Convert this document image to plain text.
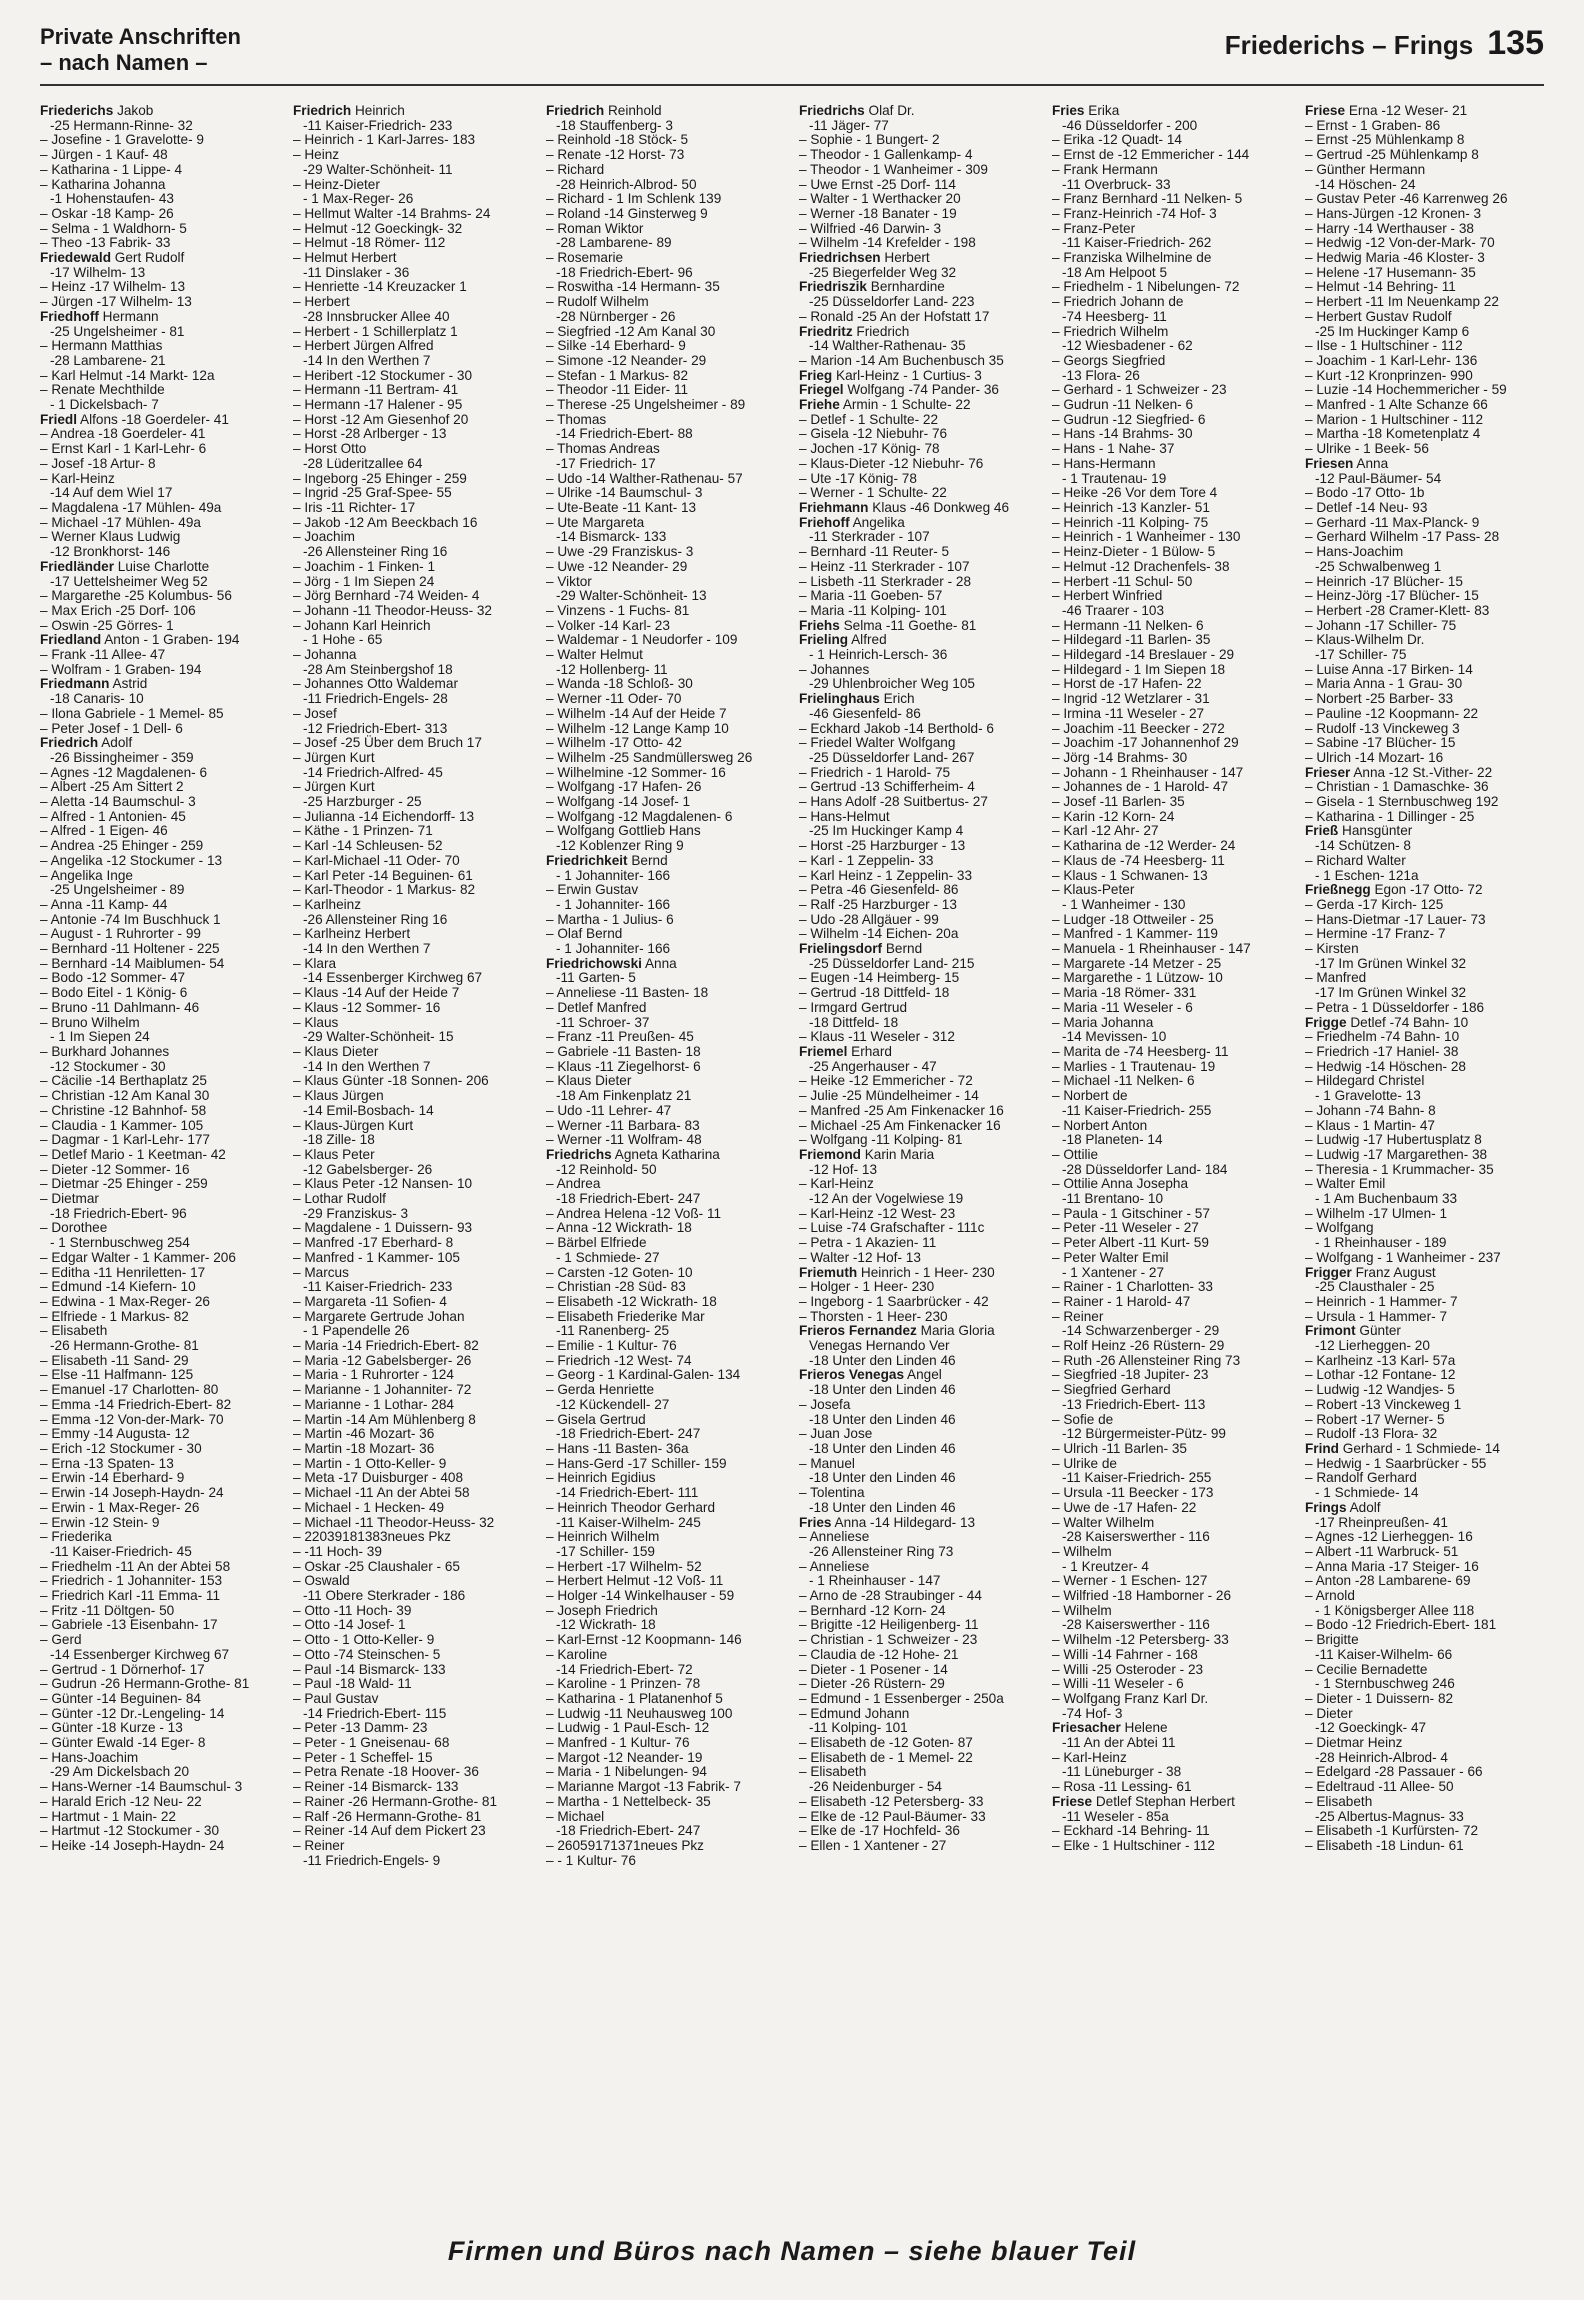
Private Anschriften
– nach Namen –
Friederichs – Frings 135
Friederichs Jakob
-25 Hermann-Rinne- 32
– Josefine - 1 Gravelotte- 9
– Jürgen - 1 Kauf- 48
– Katharina - 1 Lippe- 4
– Katharina Johanna
-1 Hohenstaufen- 43
– Oskar -18 Kamp- 26
– Selma - 1 Waldhorn- 5
– Theo -13 Fabrik- 33
Friedewald Gert Rudolf
-17 Wilhelm- 13
– Heinz -17 Wilhelm- 13
– Jürgen -17 Wilhelm- 13
Friedhoff Hermann
-25 Ungelsheimer - 81
– Hermann Matthias
-28 Lambarene- 21
– Karl Helmut -14 Markt- 12a
– Renate Mechthilde
- 1 Dickelsbach- 7
Friedl Alfons -18 Goerdeler- 41
– Andrea -18 Goerdeler- 41
– Ernst Karl - 1 Karl-Lehr- 6
– Josef -18 Artur- 8
– Karl-Heinz
-14 Auf dem Wiel 17
– Magdalena -17 Mühlen- 49a
– Michael -17 Mühlen- 49a
– Werner Klaus Ludwig
-12 Bronkhorst- 146
Friedländer Luise Charlotte
-17 Uettelsheimer Weg 52
– Margarethe -25 Kolumbus- 56
– Max Erich -25 Dorf- 106
– Oswin -25 Görres- 1
Friedland Anton - 1 Graben- 194
– Frank -11 Allee- 47
– Wolfram - 1 Graben- 194
Friedmann Astrid
-18 Canaris- 10
– Ilona Gabriele - 1 Memel- 85
– Peter Josef - 1 Dell- 6
Friedrich Adolf
-26 Bissingheimer - 359
– Agnes -12 Magdalenen- 6
– Albert -25 Am Sittert 2
– Aletta -14 Baumschul- 3
– Alfred - 1 Antonien- 45
– Alfred - 1 Eigen- 46
– Andrea -25 Ehinger - 259
– Angelika -12 Stockumer - 13
– Angelika Inge
-25 Ungelsheimer - 89
– Anna -11 Kamp- 44
– Antonie -74 Im Buschhuck 1
– August - 1 Ruhrorter - 99
– Bernhard -11 Holtener - 225
– Bernhard -14 Maiblumen- 54
– Bodo -12 Sommer- 47
– Bodo Eitel - 1 König- 6
– Bruno -11 Dahlmann- 46
– Bruno Wilhelm
- 1 Im Siepen 24
– Burkhard Johannes
-12 Stockumer - 30
– Cäcilie -14 Berthaplatz 25
– Christian -12 Am Kanal 30
– Christine -12 Bahnhof- 58
– Claudia - 1 Kammer- 105
– Dagmar - 1 Karl-Lehr- 177
– Detlef Mario - 1 Keetman- 42
– Dieter -12 Sommer- 16
– Dietmar -25 Ehinger - 259
– Dietmar
-18 Friedrich-Ebert- 96
– Dorothee
- 1 Sternbuschweg 254
– Edgar Walter - 1 Kammer- 206
– Editha -11 Henriletten- 17
– Edmund -14 Kiefern- 10
– Edwina - 1 Max-Reger- 26
– Elfriede - 1 Markus- 82
– Elisabeth
-26 Hermann-Grothe- 81
– Elisabeth -11 Sand- 29
– Else -11 Halfmann- 125
– Emanuel -17 Charlotten- 80
– Emma -14 Friedrich-Ebert- 82
– Emma -12 Von-der-Mark- 70
– Emmy -14 Augusta- 12
– Erich -12 Stockumer - 30
– Erna -13 Spaten- 13
– Erwin -14 Eberhard- 9
– Erwin -14 Joseph-Haydn- 24
– Erwin - 1 Max-Reger- 26
– Erwin -12 Stein- 9
– Friederika
-11 Kaiser-Friedrich- 45
– Friedhelm -11 An der Abtei 58
– Friedrich - 1 Johanniter- 153
– Friedrich Karl -11 Emma- 11
– Fritz -11 Döltgen- 50
– Gabriele -13 Eisenbahn- 17
– Gerd
-14 Essenberger Kirchweg 67
– Gertrud - 1 Dörnerhof- 17
– Gudrun -26 Hermann-Grothe- 81
– Günter -14 Beguinen- 84
– Günter -12 Dr.-Lengeling- 14
– Günter -18 Kurze - 13
– Günter Ewald -14 Eger- 8
– Hans-Joachim
-29 Am Dickelsbach 20
– Hans-Werner -14 Baumschul- 3
– Harald Erich -12 Neu- 22
– Hartmut - 1 Main- 22
– Hartmut -12 Stockumer - 30
– Heike -14 Joseph-Haydn- 24
Friedrich Heinrich
-11 Kaiser-Friedrich- 233
– Heinrich - 1 Karl-Jarres- 183
– Heinz
-29 Walter-Schönheit- 11
– Heinz-Dieter
- 1 Max-Reger- 26
– Hellmut Walter -14 Brahms- 24
– Helmut -12 Goeckingk- 32
– Helmut -18 Römer- 112
– Helmut Herbert
-11 Dinslaker - 36
– Henriette -14 Kreuzacker 1
– Herbert
-28 Innsbrucker Allee 40
– Herbert - 1 Schillerplatz 1
– Herbert Jürgen Alfred
-14 In den Werthen 7
– Heribert -12 Stockumer - 30
– Hermann -11 Bertram- 41
– Hermann -17 Halener - 95
– Horst -12 Am Giesenhof 20
– Horst -28 Arlberger - 13
– Horst Otto
-28 Lüderitzallee 64
– Ingeborg -25 Ehinger - 259
– Ingrid -25 Graf-Spee- 55
– Iris -11 Richter- 17
– Jakob -12 Am Beeckbach 16
– Joachim
-26 Allensteiner Ring 16
– Joachim - 1 Finken- 1
– Jörg - 1 Im Siepen 24
– Jörg Bernhard -74 Weiden- 4
– Johann -11 Theodor-Heuss- 32
– Johann Karl Heinrich
- 1 Hohe - 65
– Johanna
-28 Am Steinbergshof 18
– Johannes Otto Waldemar
-11 Friedrich-Engels- 28
– Josef
-12 Friedrich-Ebert- 313
– Josef -25 Über dem Bruch 17
– Jürgen Kurt
-14 Friedrich-Alfred- 45
– Jürgen Kurt
-25 Harzburger - 25
– Julianna -14 Eichendorff- 13
– Käthe - 1 Prinzen- 71
– Karl -14 Schleusen- 52
– Karl-Michael -11 Oder- 70
– Karl Peter -14 Beguinen- 61
– Karl-Theodor - 1 Markus- 82
– Karlheinz
-26 Allensteiner Ring 16
– Karlheinz Herbert
-14 In den Werthen 7
– Klara
-14 Essenberger Kirchweg 67
– Klaus -14 Auf der Heide 7
– Klaus -12 Sommer- 16
– Klaus
-29 Walter-Schönheit- 15
– Klaus Dieter
-14 In den Werthen 7
– Klaus Günter -18 Sonnen- 206
– Klaus Jürgen
-14 Emil-Bosbach- 14
– Klaus-Jürgen Kurt
-18 Zille- 18
– Klaus Peter
-12 Gabelsberger- 26
– Klaus Peter -12 Nansen- 10
– Lothar Rudolf
-29 Franziskus- 3
– Magdalene - 1 Duissern- 93
– Manfred -17 Eberhard- 8
– Manfred - 1 Kammer- 105
– Marcus
-11 Kaiser-Friedrich- 233
– Margareta -11 Sofien- 4
– Margarete Gertrude Johan
- 1 Papendelle 26
– Maria -14 Friedrich-Ebert- 82
– Maria -12 Gabelsberger- 26
– Maria - 1 Ruhrorter - 124
– Marianne - 1 Johanniter- 72
– Marianne - 1 Lothar- 284
– Martin -14 Am Mühlenberg 8
– Martin -46 Mozart- 36
– Martin -18 Mozart- 36
– Martin - 1 Otto-Keller- 9
– Meta -17 Duisburger - 408
– Michael -11 An der Abtei 58
– Michael - 1 Hecken- 49
– Michael -11 Theodor-Heuss- 32
– 22039181383neues Pkz
– -11 Hoch- 39
– Oskar -25 Claushaler - 65
– Oswald
-11 Obere Sterkrader - 186
– Otto -11 Hoch- 39
– Otto -14 Josef- 1
– Otto - 1 Otto-Keller- 9
– Otto -74 Steinschen- 5
– Paul -14 Bismarck- 133
– Paul -18 Wald- 11
– Paul Gustav
-14 Friedrich-Ebert- 115
– Peter -13 Damm- 23
– Peter - 1 Gneisenau- 68
– Peter - 1 Scheffel- 15
– Petra Renate -18 Hoover- 36
– Reiner -14 Bismarck- 133
– Rainer -26 Hermann-Grothe- 81
– Ralf -26 Hermann-Grothe- 81
– Reiner -14 Auf dem Pickert 23
– Reiner
-11 Friedrich-Engels- 9
Friedrich Reinhold
-18 Stauffenberg- 3
– Reinhold -18 Stöck- 5
– Renate -12 Horst- 73
– Richard
-28 Heinrich-Albrod- 50
– Richard - 1 Im Schlenk 139
– Roland -14 Ginsterweg 9
– Roman Wiktor
-28 Lambarene- 89
– Rosemarie
-18 Friedrich-Ebert- 96
– Roswitha -14 Hermann- 35
– Rudolf Wilhelm
-28 Nürnberger - 26
– Siegfried -12 Am Kanal 30
– Silke -14 Eberhard- 9
– Simone -12 Neander- 29
– Stefan - 1 Markus- 82
– Theodor -11 Eider- 11
– Therese -25 Ungelsheimer - 89
– Thomas
-14 Friedrich-Ebert- 88
– Thomas Andreas
-17 Friedrich- 17
– Udo -14 Walther-Rathenau- 57
– Ulrike -14 Baumschul- 3
– Ute-Beate -11 Kant- 13
– Ute Margareta
-14 Bismarck- 133
– Uwe -29 Franziskus- 3
– Uwe -12 Neander- 29
– Viktor
-29 Walter-Schönheit- 13
– Vinzens - 1 Fuchs- 81
– Volker -14 Karl- 23
– Waldemar - 1 Neudorfer - 109
– Walter Helmut
-12 Hollenberg- 11
– Wanda -18 Schloß- 30
– Werner -11 Oder- 70
– Wilhelm -14 Auf der Heide 7
– Wilhelm -12 Lange Kamp 10
– Wilhelm -17 Otto- 42
– Wilhelm -25 Sandmüllersweg 26
– Wilhelmine -12 Sommer- 16
– Wolfgang -17 Hafen- 26
– Wolfgang -14 Josef- 1
– Wolfgang -12 Magdalenen- 6
– Wolfgang Gottlieb Hans
-12 Koblenzer Ring 9
Friedrichkeit Bernd
- 1 Johanniter- 166
– Erwin Gustav
- 1 Johanniter- 166
– Martha - 1 Julius- 6
– Olaf Bernd
- 1 Johanniter- 166
Friedrichowski Anna
-11 Garten- 5
– Anneliese -11 Basten- 18
– Detlef Manfred
-11 Schroer- 37
– Franz -11 Preußen- 45
– Gabriele -11 Basten- 18
– Klaus -11 Ziegelhorst- 6
– Klaus Dieter
-18 Am Finkenplatz 21
– Udo -11 Lehrer- 47
– Werner -11 Barbara- 83
– Werner -11 Wolfram- 48
Friedrichs Agneta Katharina
-12 Reinhold- 50
– Andrea
-18 Friedrich-Ebert- 247
– Andrea Helena -12 Voß- 11
– Anna -12 Wickrath- 18
– Bärbel Elfriede
- 1 Schmiede- 27
– Carsten -12 Goten- 10
– Christian -28 Süd- 83
– Elisabeth -12 Wickrath- 18
– Elisabeth Friederike Mar
-11 Ranenberg- 25
– Emilie - 1 Kultur- 76
– Friedrich -12 West- 74
– Georg - 1 Kardinal-Galen- 134
– Gerda Henriette
-12 Kückendell- 27
– Gisela Gertrud
-18 Friedrich-Ebert- 247
– Hans -11 Basten- 36a
– Hans-Gerd -17 Schiller- 159
– Heinrich Egidius
-14 Friedrich-Ebert- 111
– Heinrich Theodor Gerhard
-11 Kaiser-Wilhelm- 245
– Heinrich Wilhelm
-17 Schiller- 159
– Herbert -17 Wilhelm- 52
– Herbert Helmut -12 Voß- 11
– Holger -14 Winkelhauser - 59
– Joseph Friedrich
-12 Wickrath- 18
– Karl-Ernst -12 Koopmann- 146
– Karoline
-14 Friedrich-Ebert- 72
– Karoline - 1 Prinzen- 78
– Katharina - 1 Platanenhof 5
– Ludwig -11 Neuhausweg 100
– Ludwig - 1 Paul-Esch- 12
– Manfred - 1 Kultur- 76
– Margot -12 Neander- 19
– Maria - 1 Nibelungen- 94
– Marianne Margot -13 Fabrik- 7
– Martha - 1 Nettelbeck- 35
– Michael
-18 Friedrich-Ebert- 247
– 26059171371neues Pkz
– - 1 Kultur- 76
Friedrichs Olaf Dr.
-11 Jäger- 77
– Sophie - 1 Bungert- 2
– Theodor - 1 Gallenkamp- 4
– Theodor - 1 Wanheimer - 309
– Uwe Ernst -25 Dorf- 114
– Walter - 1 Werthacker 20
– Werner -18 Banater - 19
– Wilfried -46 Darwin- 3
– Wilhelm -14 Krefelder - 198
Friedrichsen Herbert
-25 Biegerfelder Weg 32
Friedriszik Bernhardine
-25 Düsseldorfer Land- 223
– Ronald -25 An der Hofstatt 17
Friedritz Friedrich
-14 Walther-Rathenau- 35
– Marion -14 Am Buchenbusch 35
Frieg Karl-Heinz - 1 Curtius- 3
Friegel Wolfgang -74 Pander- 36
Friehe Armin - 1 Schulte- 22
– Detlef - 1 Schulte- 22
– Gisela -12 Niebuhr- 76
– Jochen -17 König- 78
– Klaus-Dieter -12 Niebuhr- 76
– Ute -17 König- 78
– Werner - 1 Schulte- 22
Friehmann Klaus -46 Donkweg 46
Friehoff Angelika
-11 Sterkrader - 107
– Bernhard -11 Reuter- 5
– Heinz -11 Sterkrader - 107
– Lisbeth -11 Sterkrader - 28
– Maria -11 Goeben- 57
– Maria -11 Kolping- 101
Friehs Selma -11 Goethe- 81
Frieling Alfred
- 1 Heinrich-Lersch- 36
– Johannes
-29 Uhlenbroicher Weg 105
Frielinghaus Erich
-46 Giesenfeld- 86
– Eckhard Jakob -14 Berthold- 6
– Friedel Walter Wolfgang
-25 Düsseldorfer Land- 267
– Friedrich - 1 Harold- 75
– Gertrud -13 Schifferheim- 4
– Hans Adolf -28 Suitbertus- 27
– Hans-Helmut
-25 Im Huckinger Kamp 4
– Horst -25 Harzburger - 13
– Karl - 1 Zeppelin- 33
– Karl Heinz - 1 Zeppelin- 33
– Petra -46 Giesenfeld- 86
– Ralf -25 Harzburger - 13
– Udo -28 Allgäuer - 99
– Wilhelm -14 Eichen- 20a
Frielingsdorf Bernd
-25 Düsseldorfer Land- 215
– Eugen -14 Heimberg- 15
– Gertrud -18 Dittfeld- 18
– Irmgard Gertrud
-18 Dittfeld- 18
– Klaus -11 Weseler - 312
Friemel Erhard
-25 Angerhauser - 47
– Heike -12 Emmericher - 72
– Julie -25 Mündelheimer - 14
– Manfred -25 Am Finkenacker 16
– Michael -25 Am Finkenacker 16
– Wolfgang -11 Kolping- 81
Friemond Karin Maria
-12 Hof- 13
– Karl-Heinz
-12 An der Vogelwiese 19
– Karl-Heinz -12 West- 23
– Luise -74 Grafschafter - 111c
– Petra - 1 Akazien- 11
– Walter -12 Hof- 13
Friemuth Heinrich - 1 Heer- 230
– Holger - 1 Heer- 230
– Ingeborg - 1 Saarbrücker - 42
– Thorsten - 1 Heer- 230
Frieros Fernandez Maria Gloria
Venegas Hernando Ver
-18 Unter den Linden 46
Frieros Venegas Angel
-18 Unter den Linden 46
– Josefa
-18 Unter den Linden 46
– Juan Jose
-18 Unter den Linden 46
– Manuel
-18 Unter den Linden 46
– Tolentina
-18 Unter den Linden 46
Fries Anna -14 Hildegard- 13
– Anneliese
-26 Allensteiner Ring 73
– Anneliese
- 1 Rheinhauser - 147
– Arno de -28 Straubinger - 44
– Bernhard -12 Korn- 24
– Brigitte -12 Heiligenberg- 11
– Christian - 1 Schweizer - 23
– Claudia de -12 Hohe- 21
– Dieter - 1 Posener - 14
– Dieter -26 Rüstern- 29
– Edmund - 1 Essenberger - 250a
– Edmund Johann
-11 Kolping- 101
– Elisabeth de -12 Goten- 87
– Elisabeth de - 1 Memel- 22
– Elisabeth
-26 Neidenburger - 54
– Elisabeth -12 Petersberg- 33
– Elke de -12 Paul-Bäumer- 33
– Elke de -17 Hochfeld- 36
– Ellen - 1 Xantener - 27
Fries Erika
-46 Düsseldorfer - 200
– Erika -12 Quadt- 14
– Ernst de -12 Emmericher - 144
– Frank Hermann
-11 Overbruck- 33
– Franz Bernhard -11 Nelken- 5
– Franz-Heinrich -74 Hof- 3
– Franz-Peter
-11 Kaiser-Friedrich- 262
– Franziska Wilhelmine de
-18 Am Helpoot 5
– Friedhelm - 1 Nibelungen- 72
– Friedrich Johann de
-74 Heesberg- 11
– Friedrich Wilhelm
-12 Wiesbadener - 62
– Georgs Siegfried
-13 Flora- 26
– Gerhard - 1 Schweizer - 23
– Gudrun -11 Nelken- 6
– Gudrun -12 Siegfried- 6
– Hans -14 Brahms- 30
– Hans - 1 Nahe- 37
– Hans-Hermann
- 1 Trautenau- 19
– Heike -26 Vor dem Tore 4
– Heinrich -13 Kanzler- 51
– Heinrich -11 Kolping- 75
– Heinrich - 1 Wanheimer - 130
– Heinz-Dieter - 1 Bülow- 5
– Helmut -12 Drachenfels- 38
– Herbert -11 Schul- 50
– Herbert Winfried
-46 Traarer - 103
– Hermann -11 Nelken- 6
– Hildegard -11 Barlen- 35
– Hildegard -14 Breslauer - 29
– Hildegard - 1 Im Siepen 18
– Horst de -17 Hafen- 22
– Ingrid -12 Wetzlarer - 31
– Irmina -11 Weseler - 27
– Joachim -11 Beecker - 272
– Joachim -17 Johannenhof 29
– Jörg -14 Brahms- 30
– Johann - 1 Rheinhauser - 147
– Johannes de - 1 Harold- 47
– Josef -11 Barlen- 35
– Karin -12 Korn- 24
– Karl -12 Ahr- 27
– Katharina de -12 Werder- 24
– Klaus de -74 Heesberg- 11
– Klaus - 1 Schwanen- 13
– Klaus-Peter
- 1 Wanheimer - 130
– Ludger -18 Ottweiler - 25
– Manfred - 1 Kammer- 119
– Manuela - 1 Rheinhauser - 147
– Margarete -14 Metzer - 25
– Margarethe - 1 Lützow- 10
– Maria -18 Römer- 331
– Maria -11 Weseler - 6
– Maria Johanna
-14 Mevissen- 10
– Marita de -74 Heesberg- 11
– Marlies - 1 Trautenau- 19
– Michael -11 Nelken- 6
– Norbert de
-11 Kaiser-Friedrich- 255
– Norbert Anton
-18 Planeten- 14
– Ottilie
-28 Düsseldorfer Land- 184
– Ottilie Anna Josepha
-11 Brentano- 10
– Paula - 1 Gitschiner - 57
– Peter -11 Weseler - 27
– Peter Albert -11 Kurt- 59
– Peter Walter Emil
- 1 Xantener - 27
– Rainer - 1 Charlotten- 33
– Rainer - 1 Harold- 47
– Reiner
-14 Schwarzenberger - 29
– Rolf Heinz -26 Rüstern- 29
– Ruth -26 Allensteiner Ring 73
– Siegfried -18 Jupiter- 23
– Siegfried Gerhard
-13 Friedrich-Ebert- 113
– Sofie de
-12 Bürgermeister-Pütz- 99
– Ulrich -11 Barlen- 35
– Ulrike de
-11 Kaiser-Friedrich- 255
– Ursula -11 Beecker - 173
– Uwe de -17 Hafen- 22
– Walter Wilhelm
-28 Kaiserswerther - 116
– Wilhelm
- 1 Kreutzer- 4
– Werner - 1 Eschen- 127
– Wilfried -18 Hamborner - 26
– Wilhelm
-28 Kaiserswerther - 116
– Wilhelm -12 Petersberg- 33
– Willi -14 Fahrner - 168
– Willi -25 Osteroder - 23
– Willi -11 Weseler - 6
– Wolfgang Franz Karl Dr.
-74 Hof- 3
Friesacher Helene
-11 An der Abtei 11
– Karl-Heinz
-11 Lüneburger - 38
– Rosa -11 Lessing- 61
Friese Detlef Stephan Herbert
-11 Weseler - 85a
– Eckhard -14 Behring- 11
– Elke - 1 Hultschiner - 112
Friese Erna -12 Weser- 21
– Ernst - 1 Graben- 86
– Ernst -25 Mühlenkamp 8
– Gertrud -25 Mühlenkamp 8
– Günther Hermann
-14 Höschen- 24
– Gustav Peter -46 Karrenweg 26
– Hans-Jürgen -12 Kronen- 3
– Harry -14 Werthauser - 38
– Hedwig -12 Von-der-Mark- 70
– Hedwig Maria -46 Kloster- 3
– Helene -17 Husemann- 35
– Helmut -14 Behring- 11
– Herbert -11 Im Neuenkamp 22
– Herbert Gustav Rudolf
-25 Im Huckinger Kamp 6
– Ilse - 1 Hultschiner - 112
– Joachim - 1 Karl-Lehr- 136
– Kurt -12 Kronprinzen- 990
– Luzie -14 Hochemmericher - 59
– Manfred - 1 Alte Schanze 66
– Marion - 1 Hultschiner - 112
– Martha -18 Kometenplatz 4
– Ulrike - 1 Beek- 56
Friesen Anna
-12 Paul-Bäumer- 54
– Bodo -17 Otto- 1b
– Detlef -14 Neu- 93
– Gerhard -11 Max-Planck- 9
– Gerhard Wilhelm -17 Pass- 28
– Hans-Joachim
-25 Schwalbenweg 1
– Heinrich -17 Blücher- 15
– Heinz-Jörg -17 Blücher- 15
– Herbert -28 Cramer-Klett- 83
– Johann -17 Schiller- 75
– Klaus-Wilhelm Dr.
-17 Schiller- 75
– Luise Anna -17 Birken- 14
– Maria Anna - 1 Grau- 30
– Norbert -25 Barber- 33
– Pauline -12 Koopmann- 22
– Rudolf -13 Vinckeweg 3
– Sabine -17 Blücher- 15
– Ulrich -14 Mozart- 16
Frieser Anna -12 St.-Vither- 22
– Christian - 1 Damaschke- 36
– Gisela - 1 Sternbuschweg 192
– Katharina - 1 Dillinger - 25
Frieß Hansgünter
-14 Schützen- 8
– Richard Walter
- 1 Eschen- 121a
Frießnegg Egon -17 Otto- 72
– Gerda -17 Kirch- 125
– Hans-Dietmar -17 Lauer- 73
– Hermine -17 Franz- 7
– Kirsten
-17 Im Grünen Winkel 32
– Manfred
-17 Im Grünen Winkel 32
– Petra - 1 Düsseldorfer - 186
Frigge Detlef -74 Bahn- 10
– Friedhelm -74 Bahn- 10
– Friedrich -17 Haniel- 38
– Hedwig -14 Höschen- 28
– Hildegard Christel
- 1 Gravelotte- 13
– Johann -74 Bahn- 8
– Klaus - 1 Martin- 47
– Ludwig -17 Hubertusplatz 8
– Ludwig -17 Margarethen- 38
– Theresia - 1 Krummacher- 35
– Walter Emil
- 1 Am Buchenbaum 33
– Wilhelm -17 Ulmen- 1
– Wolfgang
- 1 Rheinhauser - 189
– Wolfgang - 1 Wanheimer - 237
Frigger Franz August
-25 Clausthaler - 25
– Heinrich - 1 Hammer- 7
– Ursula - 1 Hammer- 7
Frimont Günter
-12 Lierheggen- 20
– Karlheinz -13 Karl- 57a
– Lothar -12 Fontane- 12
– Ludwig -12 Wandjes- 5
– Robert -13 Vinckeweg 1
– Robert -17 Werner- 5
– Rudolf -13 Flora- 32
Frind Gerhard - 1 Schmiede- 14
– Hedwig - 1 Saarbrücker - 55
– Randolf Gerhard
- 1 Schmiede- 14
Frings Adolf
-17 Rheinpreußen- 41
– Agnes -12 Lierheggen- 16
– Albert -11 Warbruck- 51
– Anna Maria -17 Steiger- 16
– Anton -28 Lambarene- 69
– Arnold
- 1 Königsberger Allee 118
– Bodo -12 Friedrich-Ebert- 181
– Brigitte
-11 Kaiser-Wilhelm- 66
– Cecilie Bernadette
- 1 Sternbuschweg 246
– Dieter - 1 Duissern- 82
– Dieter
-12 Goeckingk- 47
– Dietmar Heinz
-28 Heinrich-Albrod- 4
– Edelgard -28 Passauer - 66
– Edeltraud -11 Allee- 50
– Elisabeth
-25 Albertus-Magnus- 33
– Elisabeth -1 Kurfürsten- 72
– Elisabeth -18 Lindun- 61
Firmen und Büros nach Namen – siehe blauer Teil
